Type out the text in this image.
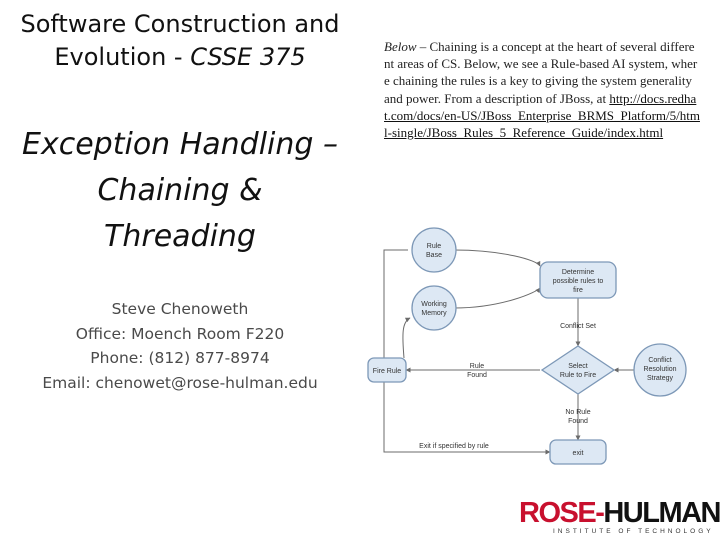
Software Construction and Evolution - CSSE 375
Exception Handling –
Chaining &
Threading
Steve Chenoweth
Office: Moench Room F220
Phone: (812) 877-8974
Email: chenowet@rose-hulman.edu
Below – Chaining is a concept at the heart of several different areas of CS. Below, we see a Rule-based AI system, where chaining the rules is a key to giving the system generality and power. From a description of JBoss, at http://docs.redhat.com/docs/en-US/JBoss_Enterprise_BRMS_Platform/5/html-single/JBoss_Rules_5_Reference_Guide/index.html
Rule
Base
Working
Memory
Determine
possible rules to
fire
Conflict Set
Fire Rule
Rule
Found
Select
Rule to Fire
Conflict
Resolution
Strategy
No Rule
Found
Exit if specified by rule
exit
ROSE-HULMAN
INSTITUTE OF TECHNOLOGY
